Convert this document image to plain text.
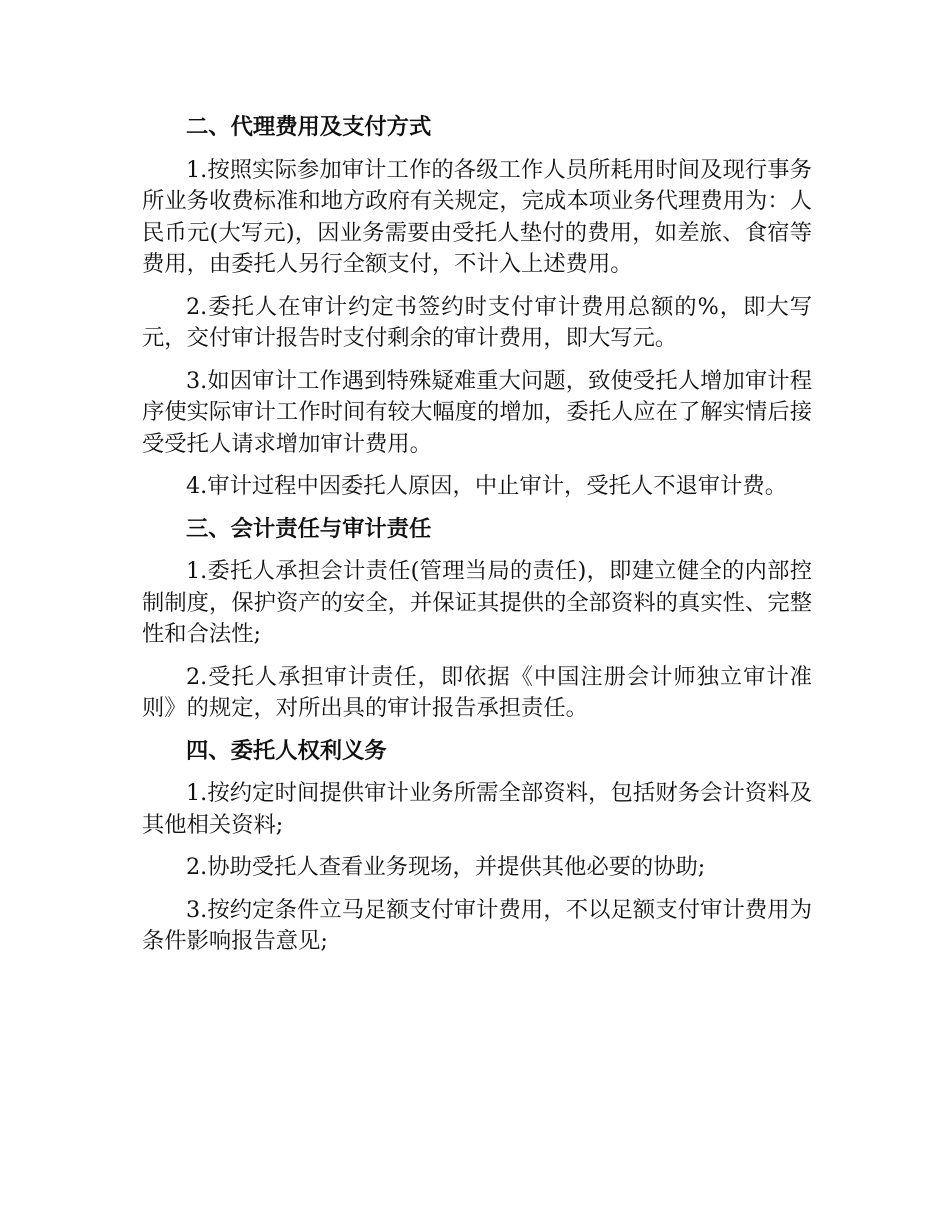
二、代理费用及支付方式

1.按照实际参加审计工作的各级工作人员所耗用时间及现行事务所业务收费标准和地方政府有关规定，完成本项业务代理费用为：人民币元(大写元)，因业务需要由受托人垫付的费用，如差旅、食宿等费用，由委托人另行全额支付，不计入上述费用。

2.委托人在审计约定书签约时支付审计费用总额的%，即大写元，交付审计报告时支付剩余的审计费用，即大写元。

3.如因审计工作遇到特殊疑难重大问题，致使受托人增加审计程序使实际审计工作时间有较大幅度的增加，委托人应在了解实情后接受受托人请求增加审计费用。

4.审计过程中因委托人原因，中止审计，受托人不退审计费。

三、会计责任与审计责任

1.委托人承担会计责任(管理当局的责任)，即建立健全的内部控制制度，保护资产的安全，并保证其提供的全部资料的真实性、完整性和合法性;

2.受托人承担审计责任，即依据《中国注册会计师独立审计准则》的规定，对所出具的审计报告承担责任。

四、委托人权利义务

1.按约定时间提供审计业务所需全部资料，包括财务会计资料及其他相关资料;

2.协助受托人查看业务现场，并提供其他必要的协助;

3.按约定条件立马足额支付审计费用，不以足额支付审计费用为条件影响报告意见;
